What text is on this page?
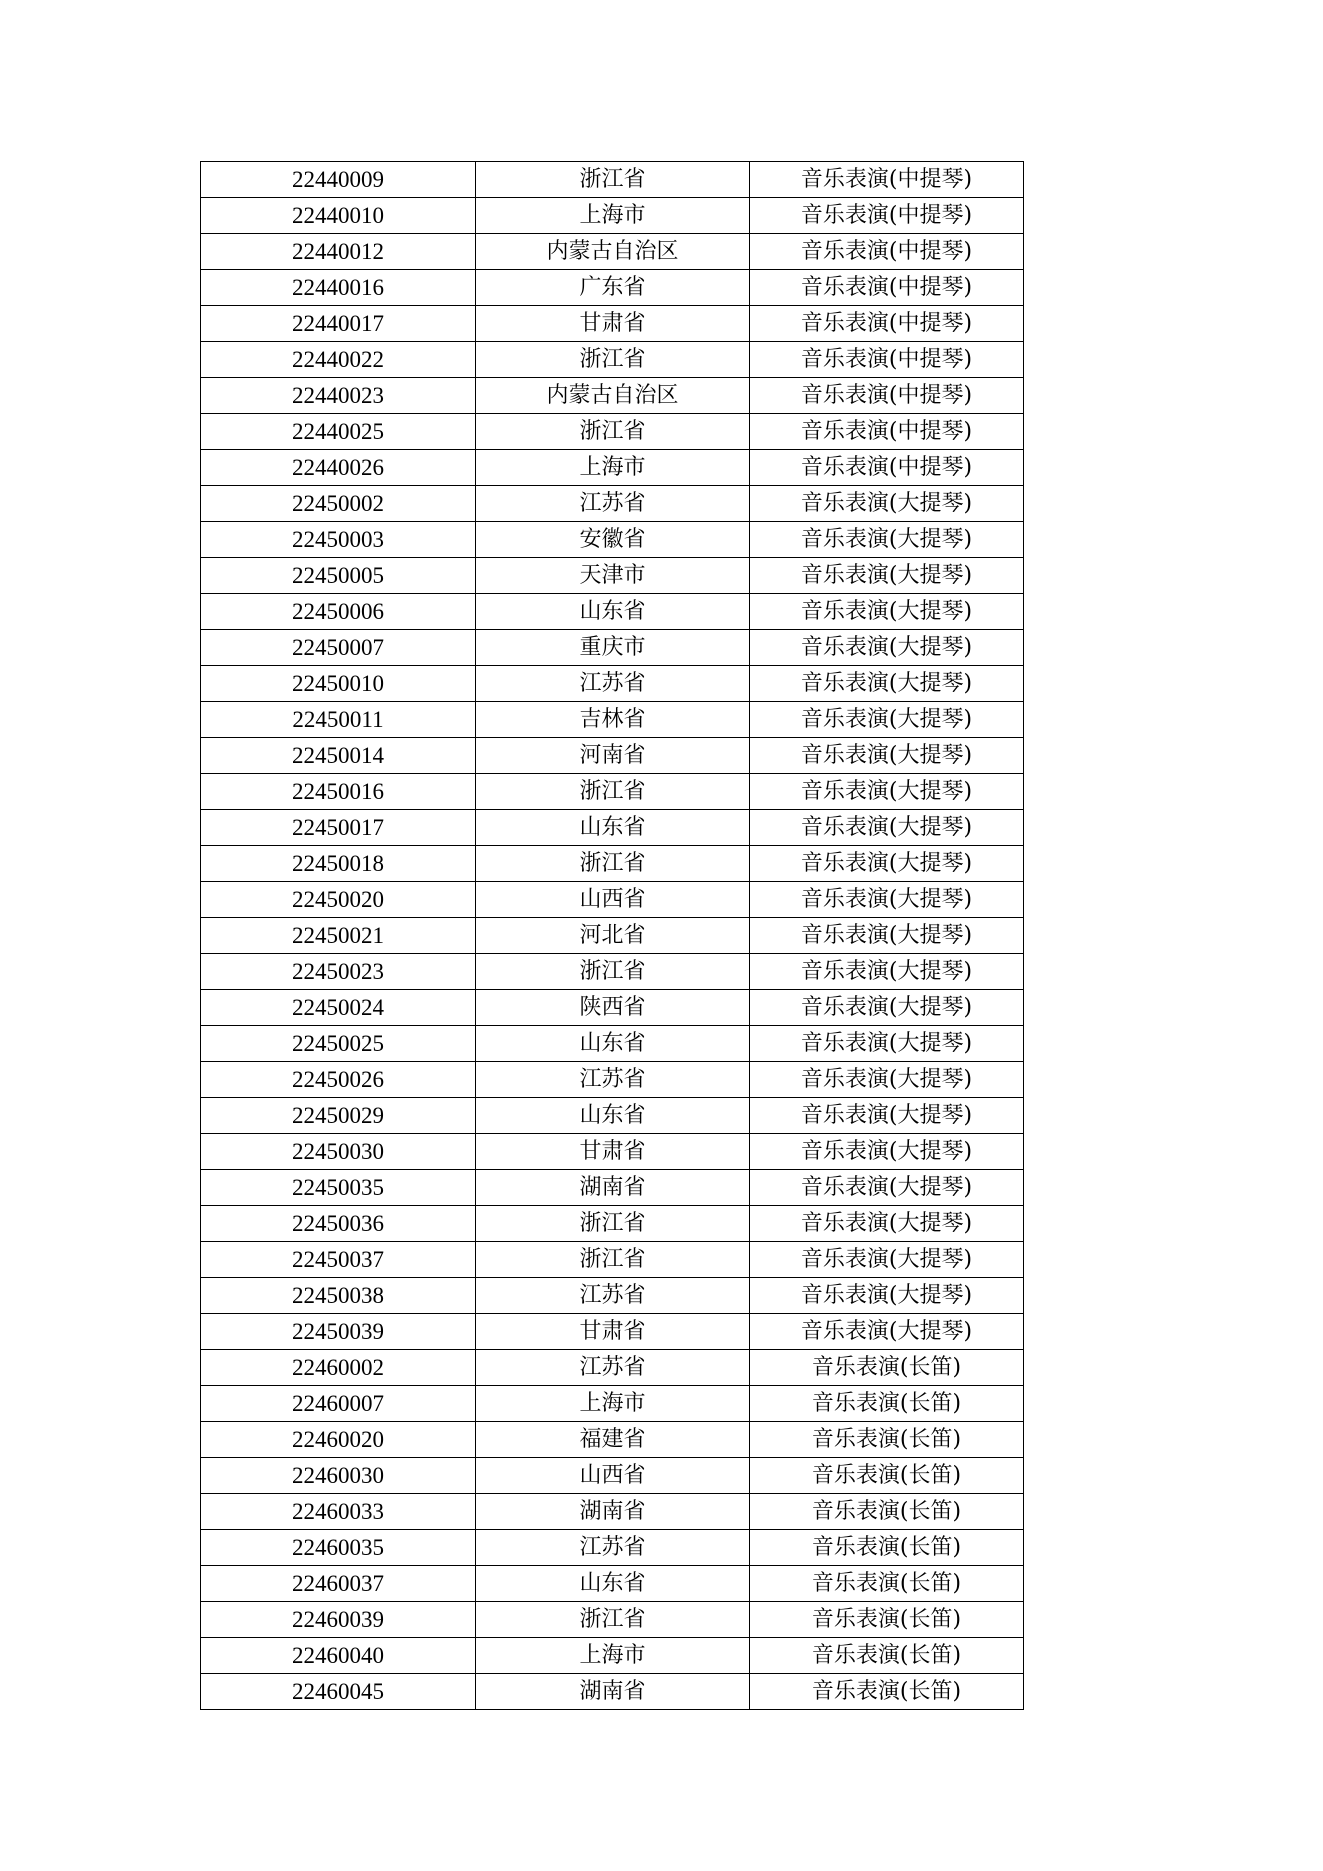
22440009	浙江省	音乐表演(中提琴)
22440010	上海市	音乐表演(中提琴)
22440012	内蒙古自治区	音乐表演(中提琴)
22440016	广东省	音乐表演(中提琴)
22440017	甘肃省	音乐表演(中提琴)
22440022	浙江省	音乐表演(中提琴)
22440023	内蒙古自治区	音乐表演(中提琴)
22440025	浙江省	音乐表演(中提琴)
22440026	上海市	音乐表演(中提琴)
22450002	江苏省	音乐表演(大提琴)
22450003	安徽省	音乐表演(大提琴)
22450005	天津市	音乐表演(大提琴)
22450006	山东省	音乐表演(大提琴)
22450007	重庆市	音乐表演(大提琴)
22450010	江苏省	音乐表演(大提琴)
22450011	吉林省	音乐表演(大提琴)
22450014	河南省	音乐表演(大提琴)
22450016	浙江省	音乐表演(大提琴)
22450017	山东省	音乐表演(大提琴)
22450018	浙江省	音乐表演(大提琴)
22450020	山西省	音乐表演(大提琴)
22450021	河北省	音乐表演(大提琴)
22450023	浙江省	音乐表演(大提琴)
22450024	陕西省	音乐表演(大提琴)
22450025	山东省	音乐表演(大提琴)
22450026	江苏省	音乐表演(大提琴)
22450029	山东省	音乐表演(大提琴)
22450030	甘肃省	音乐表演(大提琴)
22450035	湖南省	音乐表演(大提琴)
22450036	浙江省	音乐表演(大提琴)
22450037	浙江省	音乐表演(大提琴)
22450038	江苏省	音乐表演(大提琴)
22450039	甘肃省	音乐表演(大提琴)
22460002	江苏省	音乐表演(长笛)
22460007	上海市	音乐表演(长笛)
22460020	福建省	音乐表演(长笛)
22460030	山西省	音乐表演(长笛)
22460033	湖南省	音乐表演(长笛)
22460035	江苏省	音乐表演(长笛)
22460037	山东省	音乐表演(长笛)
22460039	浙江省	音乐表演(长笛)
22460040	上海市	音乐表演(长笛)
22460045	湖南省	音乐表演(长笛)
